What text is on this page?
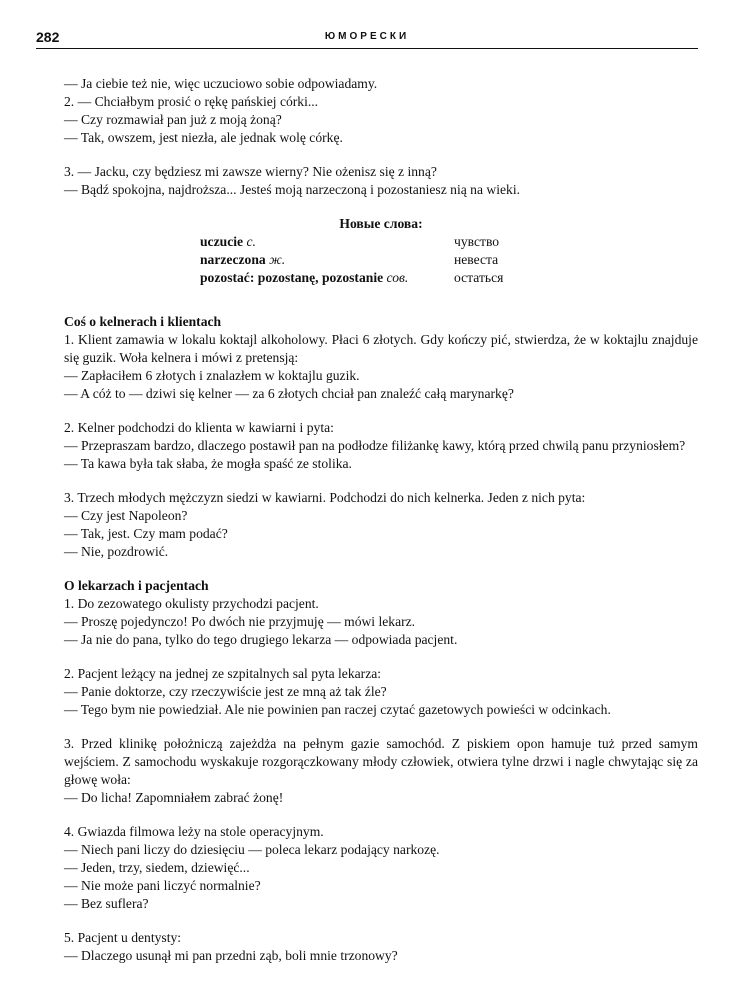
282	ЮМОРЕСКИ
— Ja ciebie też nie, więc uczuciowo sobie odpowiadamy.
2. — Chciałbym prosić o rękę pańskiej córki...
— Czy rozmawiał pan już z moją żoną?
— Tak, owszem, jest niezła, ale jednak wolę córkę.
3. — Jacku, czy będziesz mi zawsze wierny? Nie ożenisz się z inną?
— Bądź spokojna, najdroższa... Jesteś moją narzeczoną i pozostaniesz nią na wieki.
Новые слова:
uczucie с.	чувство
narzeczona ж.	невеста
pozostać: pozostanę, pozostanie сов.	остаться
Coś o kelnerach i klientach
1. Klient zamawia w lokalu koktajl alkoholowy. Płaci 6 złotych. Gdy kończy pić, stwierdza, że w koktajlu znajduje się guzik. Woła kelnera i mówi z pretensją:
— Zapłaciłem 6 złotych i znalazłem w koktajlu guzik.
— A cóż to — dziwi się kelner — za 6 złotych chciał pan znaleźć całą marynarkę?
2. Kelner podchodzi do klienta w kawiarni i pyta:
— Przepraszam bardzo, dlaczego postawił pan na podłodze filiżankę kawy, którą przed chwilą panu przyniosłem?
— Ta kawa była tak słaba, że mogła spaść ze stolika.
3. Trzech młodych mężczyzn siedzi w kawiarni. Podchodzi do nich kelnerka. Jeden z nich pyta:
— Czy jest Napoleon?
— Tak, jest. Czy mam podać?
— Nie, pozdrowić.
O lekarzach i pacjentach
1. Do zezowatego okulisty przychodzi pacjent.
— Proszę pojedynczo! Po dwóch nie przyjmuję — mówi lekarz.
— Ja nie do pana, tylko do tego drugiego lekarza — odpowiada pacjent.
2. Pacjent leżący na jednej ze szpitalnych sal pyta lekarza:
— Panie doktorze, czy rzeczywiście jest ze mną aż tak źle?
— Tego bym nie powiedział. Ale nie powinien pan raczej czytać gazetowych powieści w odcinkach.
3. Przed klinikę położniczą zajeżdża na pełnym gazie samochód. Z piskiem opon hamuje tuż przed samym wejściem. Z samochodu wyskakuje rozgorączkowany młody człowiek, otwiera tylne drzwi i nagle chwytając się za głowę woła:
— Do licha! Zapomniałem zabrać żonę!
4. Gwiazda filmowa leży na stole operacyjnym.
— Niech pani liczy do dziesięciu — poleca lekarz podający narkozę.
— Jeden, trzy, siedem, dziewięć...
— Nie może pani liczyć normalnie?
— Bez suflera?
5. Pacjent u dentysty:
— Dlaczego usunął mi pan przedni ząb, boli mnie trzonowy?
